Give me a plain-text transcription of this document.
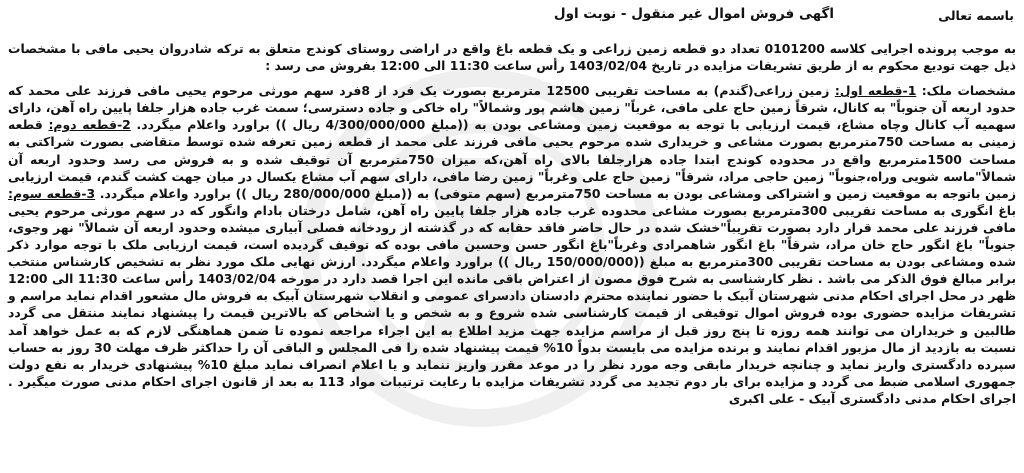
باسمه تعالی
اگهی فروش اموال غیر منقول - نوبت اول

به موجب پرونده اجرایی کلاسه 0101200 تعداد دو قطعه زمین زراعی و یک قطعه باغ واقع در اراضی روستای کوندج متعلق به ترکه شادروان یحیی مافی با مشخصات ذیل جهت تودیع محکوم به از طریق تشریفات مزایده در تاریخ 1403/02/04 رأس ساعت 11:30 الی 12:00 بفروش می رسد :

مشخصات ملک: 1-قطعه اول: زمین زراعی(گندم) به مساحت تقریبی 12500 مترمربع بصورت یک فرد از 8فرد سهم مورثی مرحوم یحیی مافی فرزند علی محمد که حدود اربعه آن جنوباً" به کانال، شرقاً زمین حاج علی مافی، غرباً" زمین هاشم پور وشمالاً" راه خاکی و جاده دسترسی؛ سمت غرب جاده هزار جلفا پایین راه آهن، دارای سهمیه آب کانال وچاه مشاع، قیمت ارزیابی با توجه به موقعیت زمین ومشاعی بودن به ((مبلغ 4/300/000/000 ریال )) براورد واعلام میگردد. 2-قطعه دوم: قطعه زمینی به مساحت 750مترمربع بصورت مشاعی و خریداری شده مرحوم یحیی مافی فرزند علی محمد از قطعه زمین تعرفه شده توسط متقاضی بصورت شراکتی به مساحت 1500مترمربع واقع در محدوده کوندج ابتدا جاده هزارجلفا بالای راه آهن،که میزان 750مترمربع آن توقیف شده و به فروش می رسد وحدود اربعه آن شمالاً"ماسه شویی وراه،جنوباً" زمین حاجی مراد، شرقاً" زمین حاج علی وغرباً" زمین رضا مافی، دارای سهم آب مشاع یکسال در میان جهت کشت گندم، قیمت ارزیابی زمین باتوجه به موقعیت زمین و اشتراکی ومشاعی بودن به مساحت 750مترمربع (سهم متوفی) به ((مبلغ 280/000/000 ریال )) براورد واعلام میگردد. 3-قطعه سوم: باغ انگوری به مساحت تقریبی 300مترمربع بصورت مشاعی محدوده غرب جاده هزار جلفا پایین راه آهن، شامل درختان بادام وانگور که در سهم مورثی مرحوم یحیی مافی فرزند علی محمد قرار دارد بصورت تقریباً"خشک شده در حال حاضر فاقد حقابه که در گذشته از رودخانه فصلی آبیاری میشده وحدود اربعه آن شمالاً" نهر وجوی، جنوباً" باغ انگور حاج خان مراد، شرقاً" باغ انگور شاهمرادی وغرباً"باغ انگور حسن وحسین مافی بوده که توقیف گردیده است، قیمت ارزیابی ملک با توجه موارد ذکر شده ومشاعی بودن به مساحت تقریبی 300مترمربع به مبلغ ((150/000/000 ریال )) براورد واعلام میگردد. ارزش نهایی ملک مورد نظر به تشخیص کارشناس منتخب برابر مبالغ فوق الذکر می باشد . نظر کارشناسی به شرح فوق مصون از اعتراض باقی مانده این اجرا قصد دارد در مورخه 1403/02/04 رأس ساعت 11:30 الی 12:00 ظهر در محل اجرای احکام مدنی شهرستان آبیک با حضور نماینده محترم دادستان دادسرای عمومی و انقلاب شهرستان آبیک به فروش مال مشعور اقدام نماید مراسم و تشریفات مزایده حضوری بوده فروش اموال توقیفی از قیمت کارشناسی شده شروع و به شخص و یا اشخاص که بالاترین قیمت را پیشنهاد نمایند منتقل می گردد طالبین و خریداران می توانند همه روزه تا پنج روز قبل از مراسم مزایده جهت مزید اطلاع به این اجراء مراجعه نموده تا ضمن هماهنگی لازم که به عمل خواهد آمد نسبت به بازدید از مال مزبور اقدام نمایند و برنده مزایده می بایست بدواً 10% قیمت پیشنهاد شده را فی المجلس و الباقی آن را حداکثر ظرف مهلت 30 روز به حساب سپرده دادگستری واریز نماید و چنانچه خریدار مابقی وجه مورد نظر را در موعد مقرر واریز ننماید و یا اعلام انصراف نماید مبلغ 10% پیشنهادی خریدار به نفع دولت جمهوری اسلامی ضبط می گردد و مزایده برای بار دوم تجدید می گردد تشریفات مزایده با رعایت ترتیبات مواد 113 به بعد از قانون اجرای احکام مدنی صورت میگیرد . اجرای احکام مدنی دادگستری آبیک - علی اکبری
